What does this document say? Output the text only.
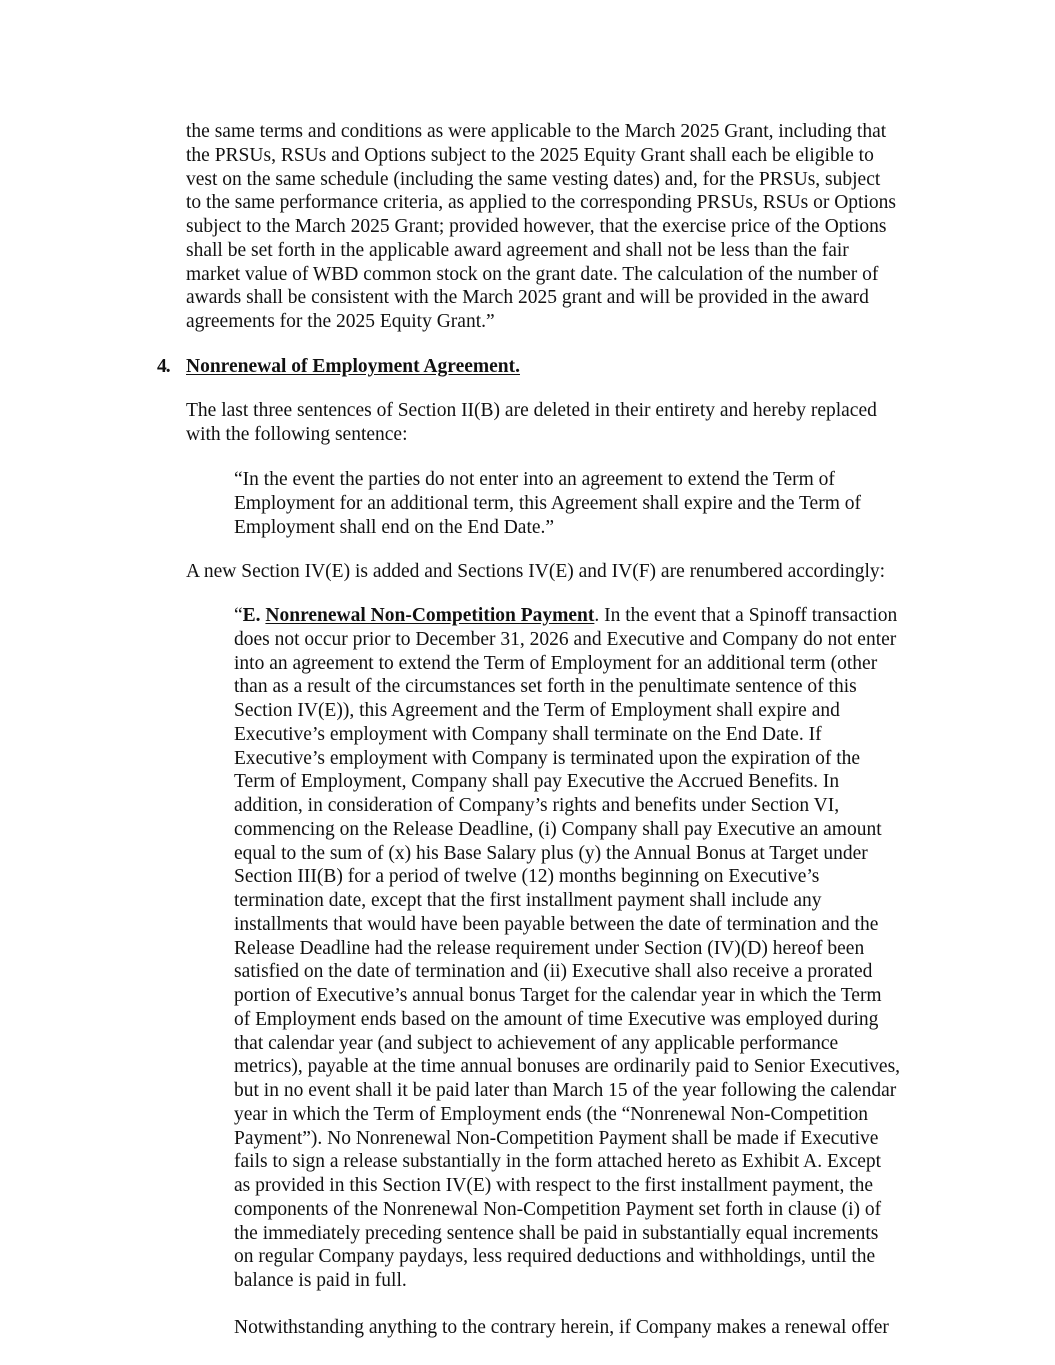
the same terms and conditions as were applicable to the March 2025 Grant, including that
the PRSUs, RSUs and Options subject to the 2025 Equity Grant shall each be eligible to
vest on the same schedule (including the same vesting dates) and, for the PRSUs, subject
to the same performance criteria, as applied to the corresponding PRSUs, RSUs or Options
subject to the March 2025 Grant; provided however, that the exercise price of the Options
shall be set forth in the applicable award agreement and shall not be less than the fair
market value of WBD common stock on the grant date. The calculation of the number of
awards shall be consistent with the March 2025 grant and will be provided in the award
agreements for the 2025 Equity Grant.”
4. Nonrenewal of Employment Agreement.
The last three sentences of Section II(B) are deleted in their entirety and hereby replaced
with the following sentence:
“In the event the parties do not enter into an agreement to extend the Term of
Employment for an additional term, this Agreement shall expire and the Term of
Employment shall end on the End Date.”
A new Section IV(E) is added and Sections IV(E) and IV(F) are renumbered accordingly:
“E. Nonrenewal Non-Competition Payment. In the event that a Spinoff transaction
does not occur prior to December 31, 2026 and Executive and Company do not enter
into an agreement to extend the Term of Employment for an additional term (other
than as a result of the circumstances set forth in the penultimate sentence of this
Section IV(E)), this Agreement and the Term of Employment shall expire and
Executive’s employment with Company shall terminate on the End Date. If
Executive’s employment with Company is terminated upon the expiration of the
Term of Employment, Company shall pay Executive the Accrued Benefits. In
addition, in consideration of Company’s rights and benefits under Section VI,
commencing on the Release Deadline, (i) Company shall pay Executive an amount
equal to the sum of (x) his Base Salary plus (y) the Annual Bonus at Target under
Section III(B) for a period of twelve (12) months beginning on Executive’s
termination date, except that the first installment payment shall include any
installments that would have been payable between the date of termination and the
Release Deadline had the release requirement under Section (IV)(D) hereof been
satisfied on the date of termination and (ii) Executive shall also receive a prorated
portion of Executive’s annual bonus Target for the calendar year in which the Term
of Employment ends based on the amount of time Executive was employed during
that calendar year (and subject to achievement of any applicable performance
metrics), payable at the time annual bonuses are ordinarily paid to Senior Executives,
but in no event shall it be paid later than March 15 of the year following the calendar
year in which the Term of Employment ends (the “Nonrenewal Non-Competition
Payment”). No Nonrenewal Non-Competition Payment shall be made if Executive
fails to sign a release substantially in the form attached hereto as Exhibit A. Except
as provided in this Section IV(E) with respect to the first installment payment, the
components of the Nonrenewal Non-Competition Payment set forth in clause (i) of
the immediately preceding sentence shall be paid in substantially equal increments
on regular Company paydays, less required deductions and withholdings, until the
balance is paid in full.
Notwithstanding anything to the contrary herein, if Company makes a renewal offer
